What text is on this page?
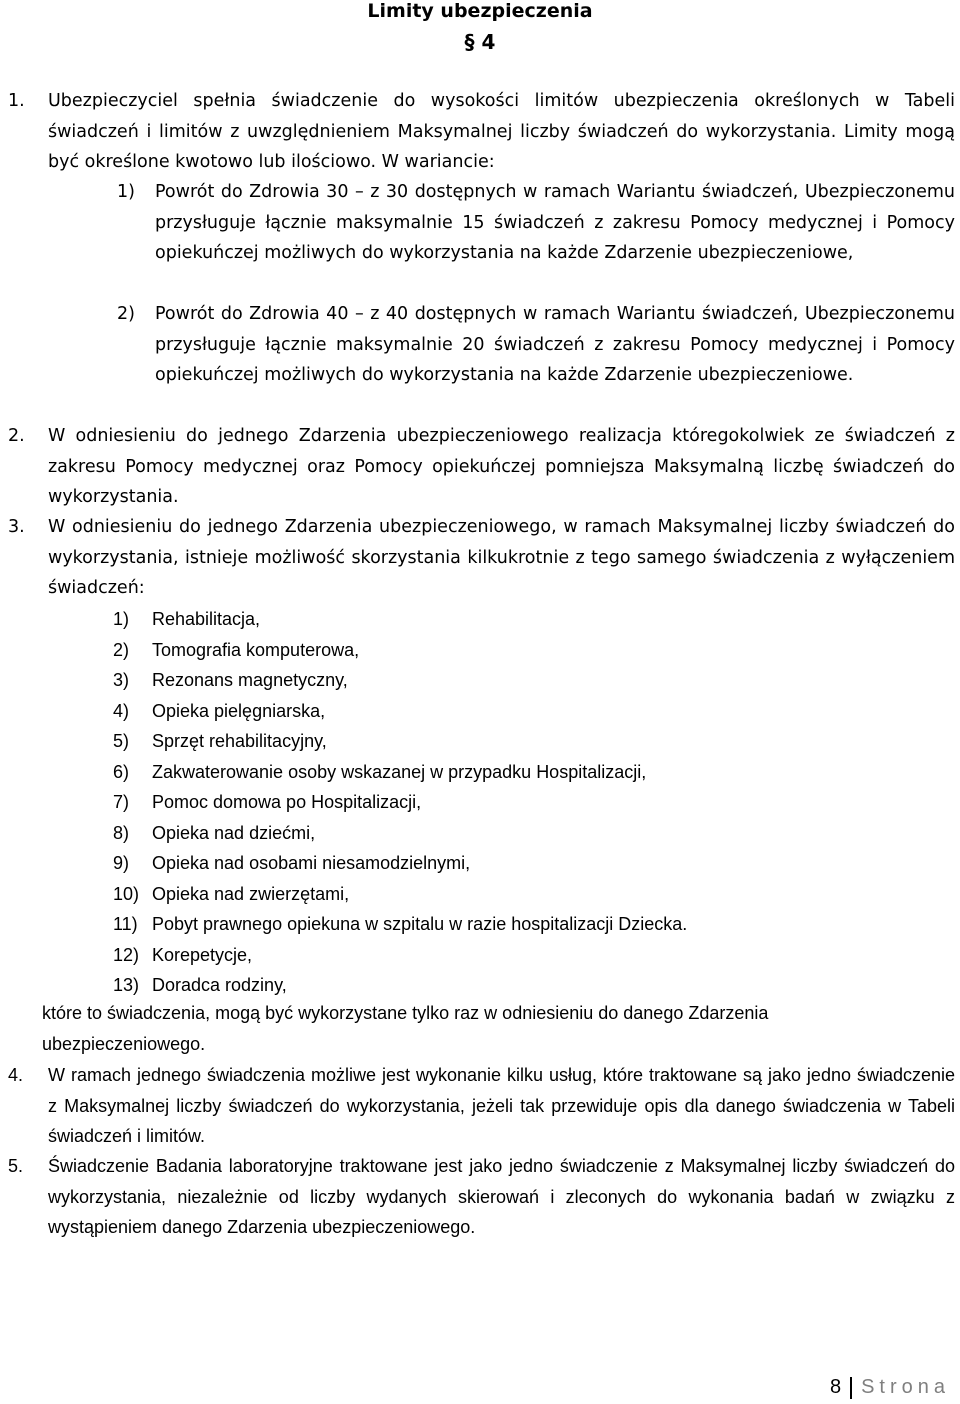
Limity ubezpieczenia
§ 4
1. Ubezpieczyciel spełnia świadczenie do wysokości limitów ubezpieczenia określonych w Tabeli świadczeń i limitów z uwzględnieniem Maksymalnej liczby świadczeń do wykorzystania. Limity mogą być określone kwotowo lub ilościowo. W wariancie:
1) Powrót do Zdrowia 30 – z 30 dostępnych w ramach Wariantu świadczeń, Ubezpieczonemu przysługuje łącznie maksymalnie 15 świadczeń z zakresu Pomocy medycznej i Pomocy opiekuńczej możliwych do wykorzystania na każde Zdarzenie ubezpieczeniowe,
2) Powrót do Zdrowia 40 – z 40 dostępnych w ramach Wariantu świadczeń, Ubezpieczonemu przysługuje łącznie maksymalnie 20 świadczeń z zakresu Pomocy medycznej i Pomocy opiekuńczej możliwych do wykorzystania na każde Zdarzenie ubezpieczeniowe.
2. W odniesieniu do jednego Zdarzenia ubezpieczeniowego realizacja któregokolwiek ze świadczeń z zakresu Pomocy medycznej oraz Pomocy opiekuńczej pomniejsza Maksymalną liczbę świadczeń do wykorzystania.
3. W odniesieniu do jednego Zdarzenia ubezpieczeniowego, w ramach Maksymalnej liczby świadczeń do wykorzystania, istnieje możliwość skorzystania kilkukrotnie z tego samego świadczenia z wyłączeniem świadczeń:
1) Rehabilitacja,
2) Tomografia komputerowa,
3) Rezonans magnetyczny,
4) Opieka pielęgniarska,
5) Sprzęt rehabilitacyjny,
6) Zakwaterowanie osoby wskazanej w przypadku Hospitalizacji,
7) Pomoc domowa po Hospitalizacji,
8) Opieka nad dziećmi,
9) Opieka nad osobami niesamodzielnymi,
10) Opieka nad zwierzętami,
11) Pobyt prawnego opiekuna w szpitalu w razie hospitalizacji Dziecka.
12) Korepetycje,
13) Doradca rodziny,
które to świadczenia, mogą być wykorzystane tylko raz w odniesieniu do danego Zdarzenia ubezpieczeniowego.
4. W ramach jednego świadczenia możliwe jest wykonanie kilku usług, które traktowane są jako jedno świadczenie z Maksymalnej liczby świadczeń do wykorzystania, jeżeli tak przewiduje opis dla danego świadczenia w Tabeli świadczeń i limitów.
5. Świadczenie Badania laboratoryjne traktowane jest jako jedno świadczenie z Maksymalnej liczby świadczeń do wykorzystania, niezależnie od liczby wydanych skierowań i zleconych do wykonania badań w związku z wystąpieniem danego Zdarzenia ubezpieczeniowego.
8 Strona
